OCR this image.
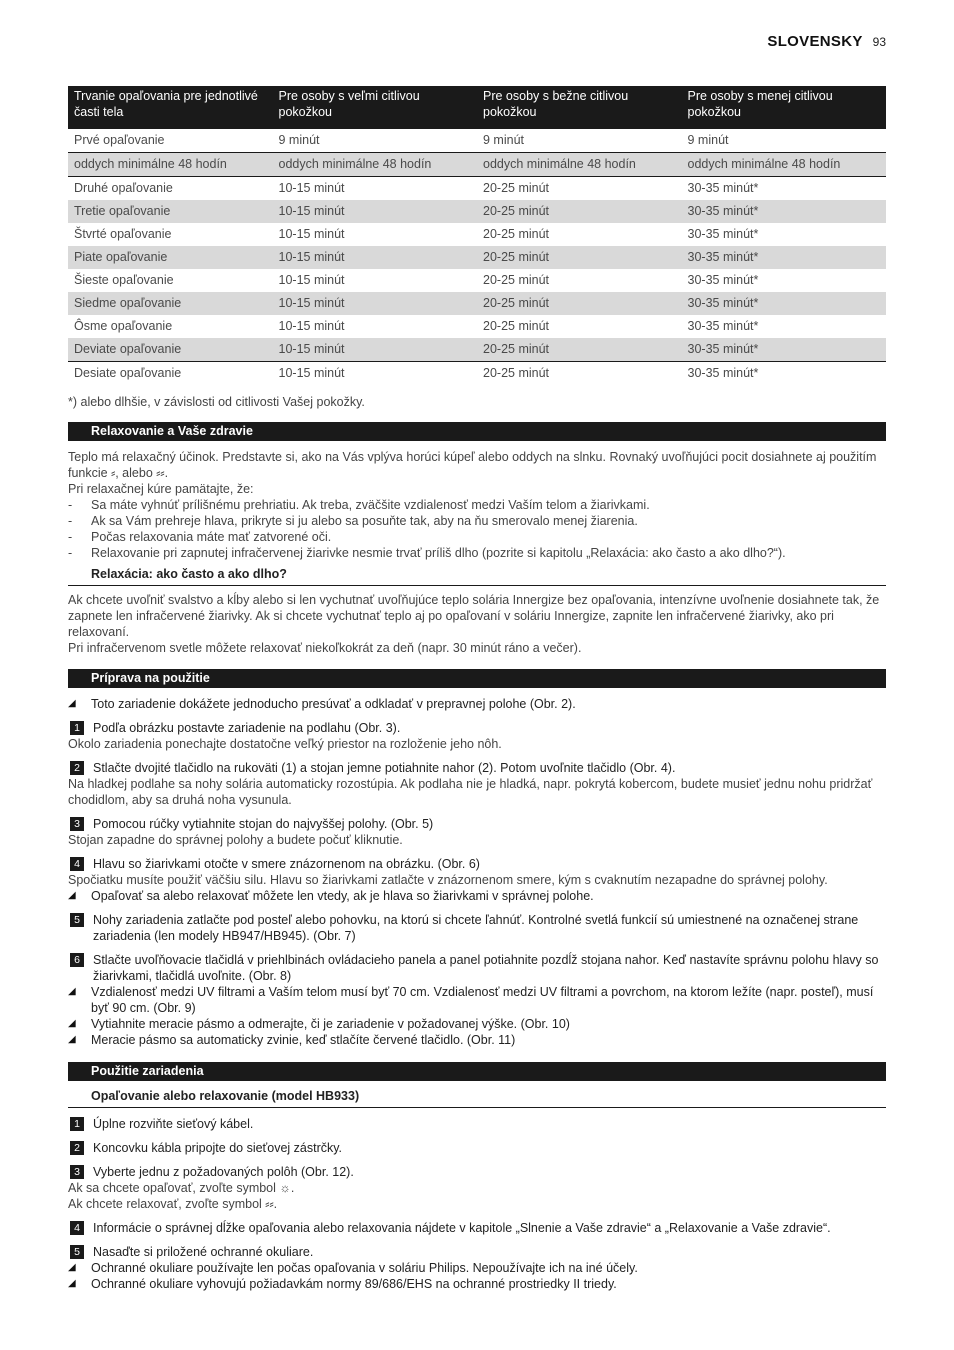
SLOVENSKY 93
Trvanie opaľovania pre jednotlivé časti tela	Pre osoby s veľmi citlivou pokožkou	Pre osoby s bežne citlivou pokožkou	Pre osoby s menej citlivou pokožkou
Prvé opaľovanie	9 minút	9 minút	9 minút
oddych minimálne 48 hodín	oddych minimálne 48 hodín	oddych minimálne 48 hodín	oddych minimálne 48 hodín
Druhé opaľovanie	10-15 minút	20-25 minút	30-35 minút*
Tretie opaľovanie	10-15 minút	20-25 minút	30-35 minút*
Štvrté opaľovanie	10-15 minút	20-25 minút	30-35 minút*
Piate opaľovanie	10-15 minút	20-25 minút	30-35 minút*
Šieste opaľovanie	10-15 minút	20-25 minút	30-35 minút*
Siedme opaľovanie	10-15 minút	20-25 minút	30-35 minút*
Ôsme opaľovanie	10-15 minút	20-25 minút	30-35 minút*
Deviate opaľovanie	10-15 minút	20-25 minút	30-35 minút*
Desiate opaľovanie	10-15 minút	20-25 minút	30-35 minút*
*) alebo dlhšie, v závislosti od citlivosti Vašej pokožky.
Relaxovanie a Vaše zdravie

Teplo má relaxačný účinok. Predstavte si, ako na Vás vplýva horúci kúpeľ alebo oddych na slnku. Rovnaký uvoľňujúci pocit dosiahnete aj použitím funkcie ⸗, alebo ⸗⸗.

Pri relaxačnej kúre pamätajte, že:

-	Sa máte vyhnúť prílišnému prehriatiu. Ak treba, zväčšite vzdialenosť medzi Vaším telom a žiarivkami.
-	Ak sa Vám prehreje hlava, prikryte si ju alebo sa posuňte tak, aby na ňu smerovalo menej žiarenia.
-	Počas relaxovania máte mať zatvorené oči.
-	Relaxovanie pri zapnutej infračervenej žiarivke nesmie trvať príliš dlho (pozrite si kapitolu „Relaxácia: ako často a ako dlho?“).
Relaxácia: ako často a ako dlho?

Ak chcete uvoľniť svalstvo a kĺby alebo si len vychutnať uvoľňujúce teplo solária Innergize bez opaľovania, intenzívne uvoľnenie dosiahnete tak, že zapnete len infračervené žiarivky. Ak si chcete vychutnať teplo aj po opaľovaní v soláriu Innergize, zapnite len infračervené žiarivky, ako pri relaxovaní.

Pri infračervenom svetle môžete relaxovať niekoľkokrát za deň (napr. 30 minút ráno a večer).

Príprava na použitie
◢	Toto zariadenie dokážete jednoducho presúvať a odkladať v prepravnej polohe (Obr. 2).
1	Podľa obrázku postavte zariadenie na podlahu (Obr. 3).

Okolo zariadenia ponechajte dostatočne veľký priestor na rozloženie jeho nôh.

2	Stlačte dvojité tlačidlo na rukoväti (1) a stojan jemne potiahnite nahor (2). Potom uvoľnite tlačidlo (Obr. 4).

Na hladkej podlahe sa nohy solária automaticky rozostúpia. Ak podlaha nie je hladká, napr. pokrytá kobercom, budete musieť jednu nohu pridržať chodidlom, aby sa druhá noha vysunula.

3	Pomocou rúčky vytiahnite stojan do najvyššej polohy. (Obr. 5)

Stojan zapadne do správnej polohy a budete počuť kliknutie.

4	Hlavu so žiarivkami otočte v smere znázornenom na obrázku. (Obr. 6)

Spočiatku musíte použiť väčšiu silu. Hlavu so žiarivkami zatlačte v znázornenom smere, kým s cvaknutím nezapadne do správnej polohy.

◢	Opaľovať sa alebo relaxovať môžete len vtedy, ak je hlava so žiarivkami v správnej polohe.
5	Nohy zariadenia zatlačte pod posteľ alebo pohovku, na ktorú si chcete ľahnúť. Kontrolné svetlá funkcií sú umiestnené na označenej strane zariadenia (len modely HB947/HB945). (Obr. 7)
6	Stlačte uvoľňovacie tlačidlá v priehlbinách ovládacieho panela a panel potiahnite pozdĺž stojana nahor. Keď nastavíte správnu polohu hlavy so žiarivkami, tlačidlá uvoľnite. (Obr. 8)
◢	Vzdialenosť medzi UV filtrami a Vaším telom musí byť 70 cm. Vzdialenosť medzi UV filtrami a povrchom, na ktorom ležíte (napr. posteľ), musí byť 90 cm. (Obr. 9)
◢	Vytiahnite meracie pásmo a odmerajte, či je zariadenie v požadovanej výške. (Obr. 10)
◢	Meracie pásmo sa automaticky zvinie, keď stlačíte červené tlačidlo. (Obr. 11)
Použitie zariadenia
Opaľovanie alebo relaxovanie (model HB933)
1	Úplne rozviňte sieťový kábel.
2	Koncovku kábla pripojte do sieťovej zástrčky.
3	Vyberte jednu z požadovaných polôh (Obr. 12).

Ak sa chcete opaľovať, zvoľte symbol ☼.

Ak chcete relaxovať, zvoľte symbol ⸗⸗.

4	Informácie o správnej dĺžke opaľovania alebo relaxovania nájdete v kapitole „Slnenie a Vaše zdravie“ a „Relaxovanie a Vaše zdravie“.
5	Nasaďte si priložené ochranné okuliare.
◢	Ochranné okuliare používajte len počas opaľovania v soláriu Philips. Nepoužívajte ich na iné účely.
◢	Ochranné okuliare vyhovujú požiadavkám normy 89/686/EHS na ochranné prostriedky II triedy.
